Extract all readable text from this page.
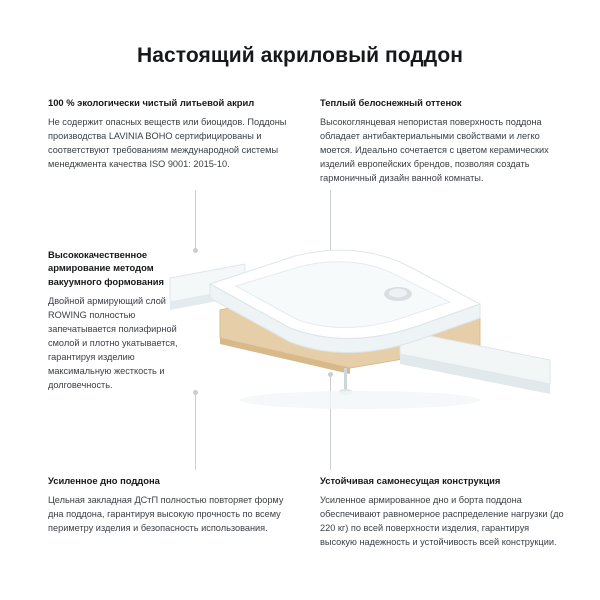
Настоящий акриловый поддон
100 % экологически чистый литьевой акрил
Не содержит опасных веществ или биоцидов. Поддоны производства LAVINIA BOHO сертифицированы и соответствуют требованиям международной системы менеджмента качества ISO 9001: 2015-10.
Теплый белоснежный оттенок
Высокоглянцевая непористая поверхность поддона обладает антибактериальными свойствами и легко моется. Идеально сочетается с цветом керамических изделий европейских брендов, позволяя создать гармоничный дизайн ванной комнаты.
Высококачественное армирование методом вакуумного формования
Двойной армирующий слой ROWING полностью запечатывается полиэфирной смолой и плотно укатывается, гарантируя изделию максимальную жесткость и долговечность.
Усиленное дно поддона
Цельная закладная ДСтП полностью повторяет форму дна поддона, гарантируя высокую прочность по всему периметру изделия и безопасность использования.
Устойчивая самонесущая конструкция
Усиленное армированное дно и борта поддона обеспечивают равномерное распределение нагрузки (до 220 кг) по всей поверхности изделия, гарантируя высокую надежность и устойчивость всей конструкции.
